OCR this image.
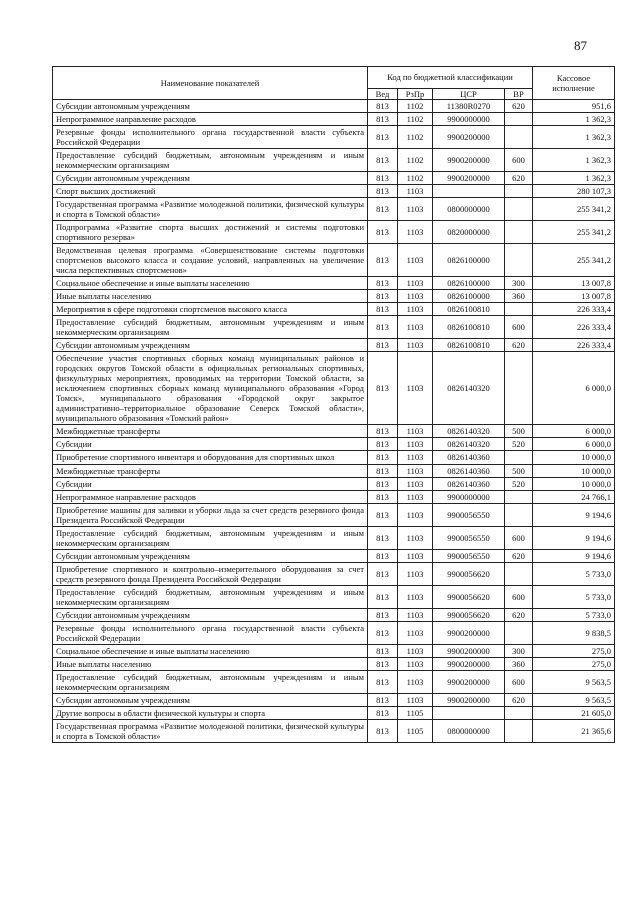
87
Наименование показателей	Код по бюджетной классификации				Кассовое исполнение
	Вед	РзПр	ЦСР	ВР	
Субсидии автономным учреждениям	813	1102	11380R0270	620	951,6
Непрограммное направление расходов	813	1102	9900000000		1 362,3
Резервные фонды исполнительного органа государственной власти субъекта Российской Федерации	813	1102	9900200000		1 362,3
Предоставление субсидий бюджетным, автономным учреждениям и иным некоммерческим организациям	813	1102	9900200000	600	1 362,3
Субсидии автономным учреждениям	813	1102	9900200000	620	1 362,3
Спорт высших достижений	813	1103			280 107,3
Государственная программа «Развитие молодежной политики, физической культуры и спорта в Томской области»	813	1103	0800000000		255 341,2
Подпрограмма «Развитие спорта высших достижений и системы подготовки спортивного резерва»	813	1103	0820000000		255 341,2
Ведомственная целевая программа «Совершенствование системы подготовки спортсменов высокого класса и создание условий, направленных на увеличение числа перспективных спортсменов»	813	1103	0826100000		255 341,2
Социальное обеспечение и иные выплаты населению	813	1103	0826100000	300	13 007,8
Иные выплаты населению	813	1103	0826100000	360	13 007,8
Мероприятия в сфере подготовки спортсменов высокого класса	813	1103	0826100810		226 333,4
Предоставление субсидий бюджетным, автономным учреждениям и иным некоммерческим организациям	813	1103	0826100810	600	226 333,4
Субсидии автономным учреждениям	813	1103	0826100810	620	226 333,4
Обеспечение участия спортивных сборных команд муниципальных районов и городских округов Томской области в официальных региональных спортивных, физкультурных мероприятиях, проводимых на территории Томской области, за исключением спортивных сборных команд муниципального образования «Город Томск», муниципального образования «Городской округ закрытое административно–территориальное образование Северск Томской области», муниципального образования «Томский район»	813	1103	0826140320		6 000,0
Межбюджетные трансферты	813	1103	0826140320	500	6 000,0
Субсидии	813	1103	0826140320	520	6 000,0
Приобретение спортивного инвентаря и оборудования для спортивных школ	813	1103	0826140360		10 000,0
Межбюджетные трансферты	813	1103	0826140360	500	10 000,0
Субсидии	813	1103	0826140360	520	10 000,0
Непрограммное направление расходов	813	1103	9900000000		24 766,1
Приобретение машины для заливки и уборки льда за счет средств резервного фонда Президента Российской Федерации	813	1103	9900056550		9 194,6
Предоставление субсидий бюджетным, автономным учреждениям и иным некоммерческим организациям	813	1103	9900056550	600	9 194,6
Субсидии автономным учреждениям	813	1103	9900056550	620	9 194,6
Приобретение спортивного и контрольно–измерительного оборудования за счет средств резервного фонда Президента Российской Федерации	813	1103	9900056620		5 733,0
Предоставление субсидий бюджетным, автономным учреждениям и иным некоммерческим организациям	813	1103	9900056620	600	5 733,0
Субсидии автономным учреждениям	813	1103	9900056620	620	5 733,0
Резервные фонды исполнительного органа государственной власти субъекта Российской Федерации	813	1103	9900200000		9 838,5
Социальное обеспечение и иные выплаты населению	813	1103	9900200000	300	275,0
Иные выплаты населению	813	1103	9900200000	360	275,0
Предоставление субсидий бюджетным, автономным учреждениям и иным некоммерческим организациям	813	1103	9900200000	600	9 563,5
Субсидии автономным учреждениям	813	1103	9900200000	620	9 563,5
Другие вопросы в области физической культуры и спорта	813	1105			21 605,0
Государственная программа «Развитие молодежной политики, физической культуры и спорта в Томской области»	813	1105	0800000000		21 365,6
